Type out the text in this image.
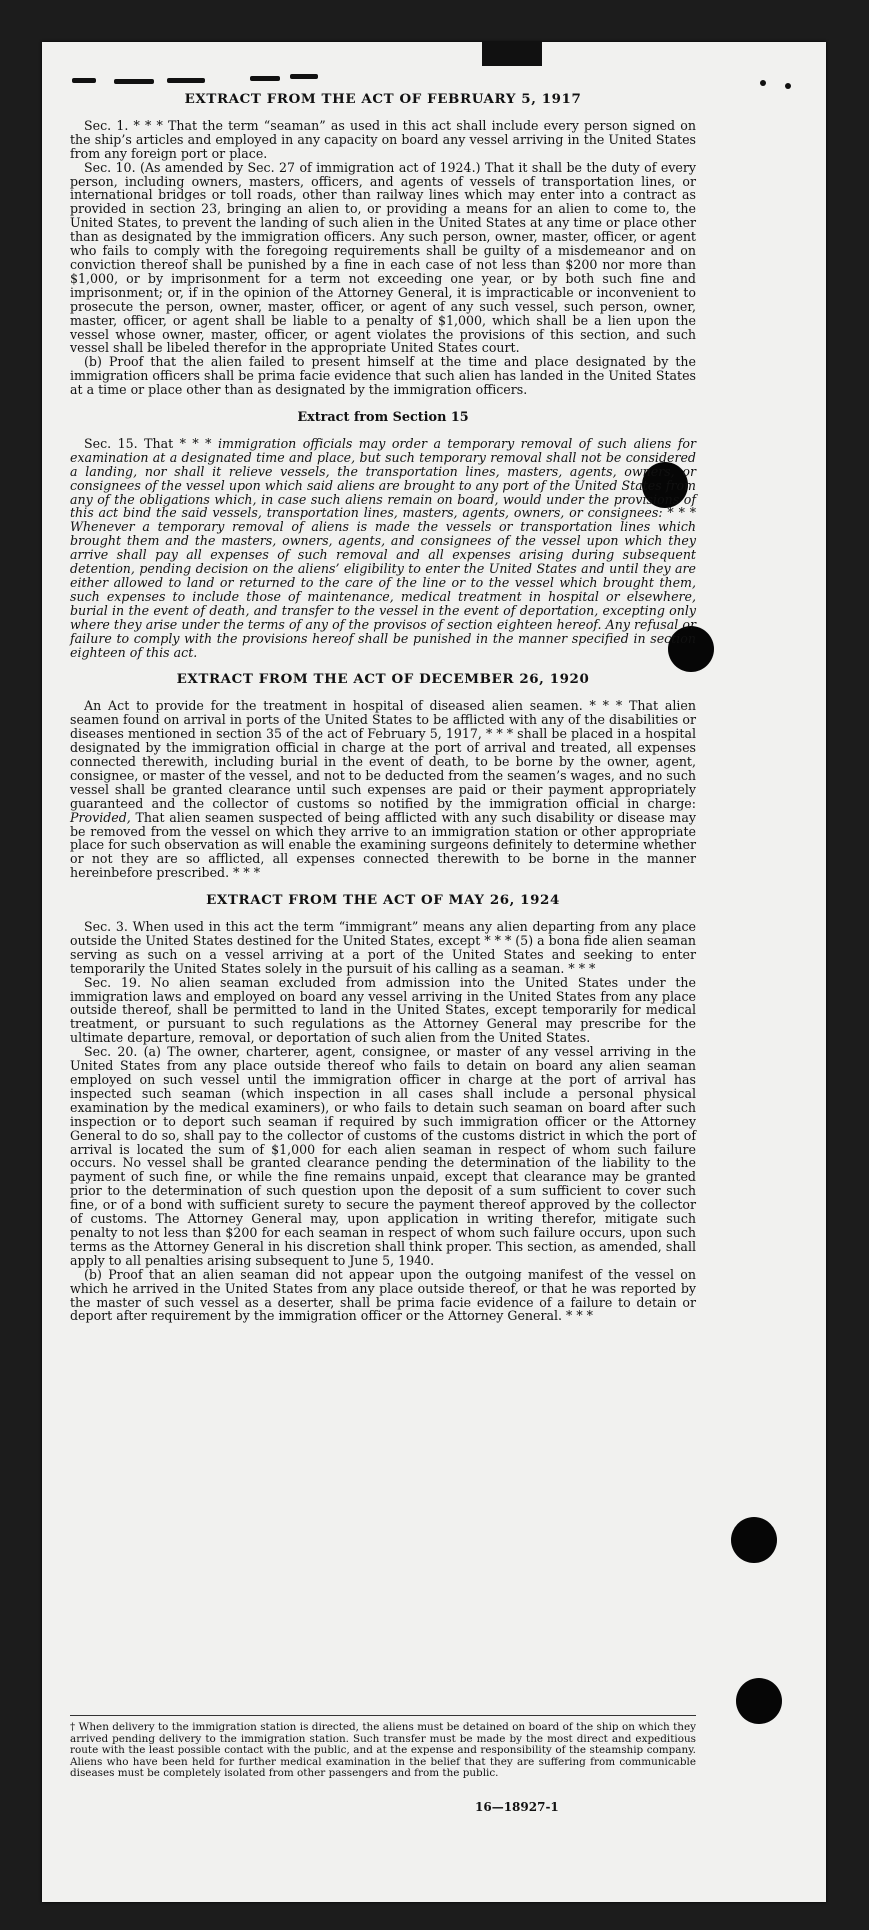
EXTRACT FROM THE ACT OF FEBRUARY 5, 1917

Sec. 1. * * * That the term “seaman” as used in this act shall include every person signed on the ship’s articles and employed in any capacity on board any vessel arriving in the United States from any foreign port or place.

Sec. 10. (As amended by Sec. 27 of immigration act of 1924.) That it shall be the duty of every person, including owners, masters, officers, and agents of vessels of transportation lines, or international bridges or toll roads, other than railway lines which may enter into a contract as provided in section 23, bringing an alien to, or providing a means for an alien to come to, the United States, to prevent the landing of such alien in the United States at any time or place other than as designated by the immigration officers. Any such person, owner, master, officer, or agent who fails to comply with the foregoing requirements shall be guilty of a misdemeanor and on conviction thereof shall be punished by a fine in each case of not less than $200 nor more than $1,000, or by imprisonment for a term not exceeding one year, or by both such fine and imprisonment; or, if in the opinion of the Attorney General, it is impracticable or inconvenient to prosecute the person, owner, master, officer, or agent of any such vessel, such person, owner, master, officer, or agent shall be liable to a penalty of $1,000, which shall be a lien upon the vessel whose owner, master, officer, or agent violates the provisions of this section, and such vessel shall be libeled therefor in the appropriate United States court.

(b) Proof that the alien failed to present himself at the time and place designated by the immigration officers shall be prima facie evidence that such alien has landed in the United States at a time or place other than as designated by the immigration officers.

Extract from Section 15

Sec. 15. That * * * immigration officials may order a temporary removal of such aliens for examination at a designated time and place, but such temporary removal shall not be considered a landing, nor shall it relieve vessels, the transportation lines, masters, agents, owners, or consignees of the vessel upon which said aliens are brought to any port of the United States from any of the obligations which, in case such aliens remain on board, would under the provisions of this act bind the said vessels, transportation lines, masters, agents, owners, or consignees: * * * Whenever a temporary removal of aliens is made the vessels or transportation lines which brought them and the masters, owners, agents, and consignees of the vessel upon which they arrive shall pay all expenses of such removal and all expenses arising during subsequent detention, pending decision on the aliens’ eligibility to enter the United States and until they are either allowed to land or returned to the care of the line or to the vessel which brought them, such expenses to include those of maintenance, medical treatment in hospital or elsewhere, burial in the event of death, and transfer to the vessel in the event of deportation, excepting only where they arise under the terms of any of the provisos of section eighteen hereof. Any refusal or failure to comply with the provisions hereof shall be punished in the manner specified in section eighteen of this act.

EXTRACT FROM THE ACT OF DECEMBER 26, 1920

An Act to provide for the treatment in hospital of diseased alien seamen. * * * That alien seamen found on arrival in ports of the United States to be afflicted with any of the disabilities or diseases mentioned in section 35 of the act of February 5, 1917, * * * shall be placed in a hospital designated by the immigration official in charge at the port of arrival and treated, all expenses connected therewith, including burial in the event of death, to be borne by the owner, agent, consignee, or master of the vessel, and not to be deducted from the seamen’s wages, and no such vessel shall be granted clearance until such expenses are paid or their payment appropriately guaranteed and the collector of customs so notified by the immigration official in charge: Provided, That alien seamen suspected of being afflicted with any such disability or disease may be removed from the vessel on which they arrive to an immigration station or other appropriate place for such observation as will enable the examining surgeons definitely to determine whether or not they are so afflicted, all expenses connected therewith to be borne in the manner hereinbefore prescribed. * * *

EXTRACT FROM THE ACT OF MAY 26, 1924

Sec. 3. When used in this act the term “immigrant” means any alien departing from any place outside the United States destined for the United States, except * * * (5) a bona fide alien seaman serving as such on a vessel arriving at a port of the United States and seeking to enter temporarily the United States solely in the pursuit of his calling as a seaman. * * *

Sec. 19. No alien seaman excluded from admission into the United States under the immigration laws and employed on board any vessel arriving in the United States from any place outside thereof, shall be permitted to land in the United States, except temporarily for medical treatment, or pursuant to such regulations as the Attorney General may prescribe for the ultimate departure, removal, or deportation of such alien from the United States.

Sec. 20. (a) The owner, charterer, agent, consignee, or master of any vessel arriving in the United States from any place outside thereof who fails to detain on board any alien seaman employed on such vessel until the immigration officer in charge at the port of arrival has inspected such seaman (which inspection in all cases shall include a personal physical examination by the medical examiners), or who fails to detain such seaman on board after such inspection or to deport such seaman if required by such immigration officer or the Attorney General to do so, shall pay to the collector of customs of the customs district in which the port of arrival is located the sum of $1,000 for each alien seaman in respect of whom such failure occurs. No vessel shall be granted clearance pending the determination of the liability to the payment of such fine, or while the fine remains unpaid, except that clearance may be granted prior to the determination of such question upon the deposit of a sum sufficient to cover such fine, or of a bond with sufficient surety to secure the payment thereof approved by the collector of customs. The Attorney General may, upon application in writing therefor, mitigate such penalty to not less than $200 for each seaman in respect of whom such failure occurs, upon such terms as the Attorney General in his discretion shall think proper. This section, as amended, shall apply to all penalties arising subsequent to June 5, 1940.

(b) Proof that an alien seaman did not appear upon the outgoing manifest of the vessel on which he arrived in the United States from any place outside thereof, or that he was reported by the master of such vessel as a deserter, shall be prima facie evidence of a failure to detain or deport after requirement by the immigration officer or the Attorney General. * * *

† When delivery to the immigration station is directed, the aliens must be detained on board of the ship on which they arrived pending delivery to the immigration station. Such transfer must be made by the most direct and expeditious route with the least possible contact with the public, and at the expense and responsibility of the steamship company. Aliens who have been held for further medical examination in the belief that they are suffering from communicable diseases must be completely isolated from other passengers and from the public.
16—18927-1
